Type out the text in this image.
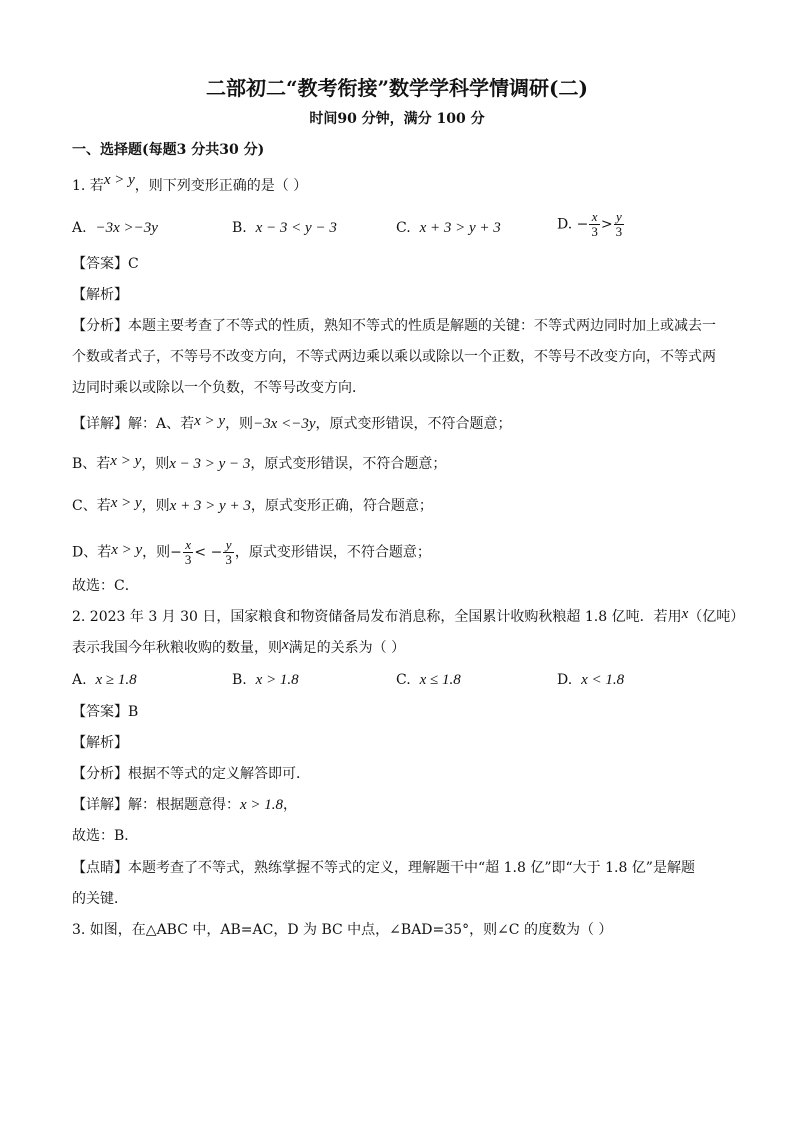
二部初二“教考衔接”数学学科学情调研(二)
时间90 分钟，满分 100 分
一、选择题(每题3 分共30 分)
1. 若x > y，则下列变形正确的是（ ）
A. −3x >−3y	B. x − 3 < y − 3	C. x + 3 > y + 3	D. − $\frac{x}{3} > \frac{y}{3}$
【答案】C
【解析】
【分析】本题主要考查了不等式的性质，熟知不等式的性质是解题的关键：不等式两边同时加上或减去一
个数或者式子，不等号不改变方向，不等式两边乘以乘以或除以一个正数，不等号不改变方向，不等式两
边同时乘以或除以一个负数，不等号改变方向．
【详解】解：A、若x > y，则−3x <−3y，原式变形错误，不符合题意；
B、若x > y，则x − 3 > y − 3，原式变形错误，不符合题意；
C、若x > y，则x + 3 > y + 3，原式变形正确，符合题意；
D、若x > y，则− $\frac{x}{3}$ < − $\frac{y}{3}$ ，原式变形错误，不符合题意；
故选：C．
2. 2023 年 3 月 30 日，国家粮食和物资储备局发布消息称，全国累计收购秋粮超 1.8 亿吨．若用x（亿吨）
表示我国今年秋粮收购的数量，则x满足的关系为（ ）
A. x ≥ 1.8	B. x > 1.8	C. x ≤ 1.8	D. x < 1.8
【答案】B
【解析】
【分析】根据不等式的定义解答即可．
【详解】解：根据题意得：x > 1.8，
故选：B．
【点睛】本题考查了不等式，熟练掌握不等式的定义，理解题干中“超 1.8 亿”即“大于 1.8 亿”是解题
的关键．
3. 如图，在△ABC 中，AB=AC，D 为 BC 中点，∠BAD=35°，则∠C 的度数为（ ）
